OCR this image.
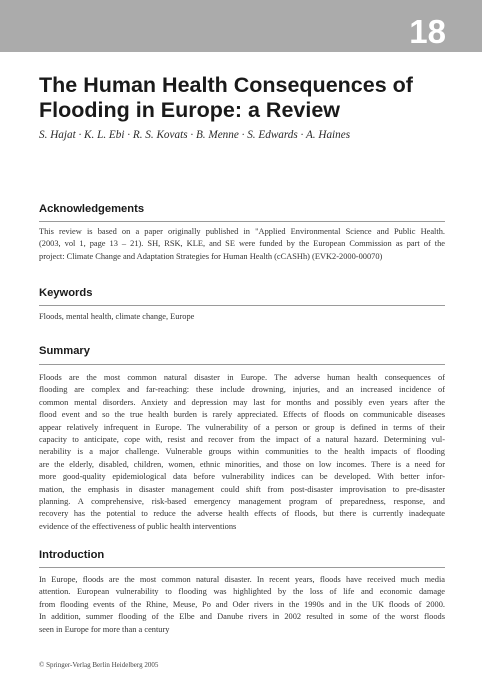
18
The Human Health Consequences of
Flooding in Europe: a Review
S. Hajat · K. L. Ebi · R. S. Kovats · B. Menne · S. Edwards · A. Haines
Acknowledgements
This review is based on a paper originally published in "Applied Environmental Science and Public Health.
(2003, vol 1, page 13 – 21). SH, RSK, KLE, and SE were funded by the European Commission as part of the
project: Climate Change and Adaptation Strategies for Human Health (cCASHh) (EVK2-2000-00070)
Keywords
Floods, mental health, climate change, Europe
Summary
Floods are the most common natural disaster in Europe. The adverse human health consequences of
flooding are complex and far-reaching: these include drowning, injuries, and an increased incidence of
common mental disorders. Anxiety and depression may last for months and possibly even years after the
flood event and so the true health burden is rarely appreciated. Effects of floods on communicable diseases
appear relatively infrequent in Europe. The vulnerability of a person or group is defined in terms of their
capacity to anticipate, cope with, resist and recover from the impact of a natural hazard. Determining vul-
nerability is a major challenge. Vulnerable groups within communities to the health impacts of flooding
are the elderly, disabled, children, women, ethnic minorities, and those on low incomes. There is a need for
more good-quality epidemiological data before vulnerability indices can be developed. With better infor-
mation, the emphasis in disaster management could shift from post-disaster improvisation to pre-disaster
planning. A comprehensive, risk-based emergency management program of preparedness, response, and
recovery has the potential to reduce the adverse health effects of floods, but there is currently inadequate
evidence of the effectiveness of public health interventions
Introduction
In Europe, floods are the most common natural disaster. In recent years, floods have received much media
attention. European vulnerability to flooding was highlighted by the loss of life and economic damage
from flooding events of the Rhine, Meuse, Po and Oder rivers in the 1990s and in the UK floods of 2000.
In addition, summer flooding of the Elbe and Danube rivers in 2002 resulted in some of the worst floods
seen in Europe for more than a century
© Springer-Verlag Berlin Heidelberg 2005
